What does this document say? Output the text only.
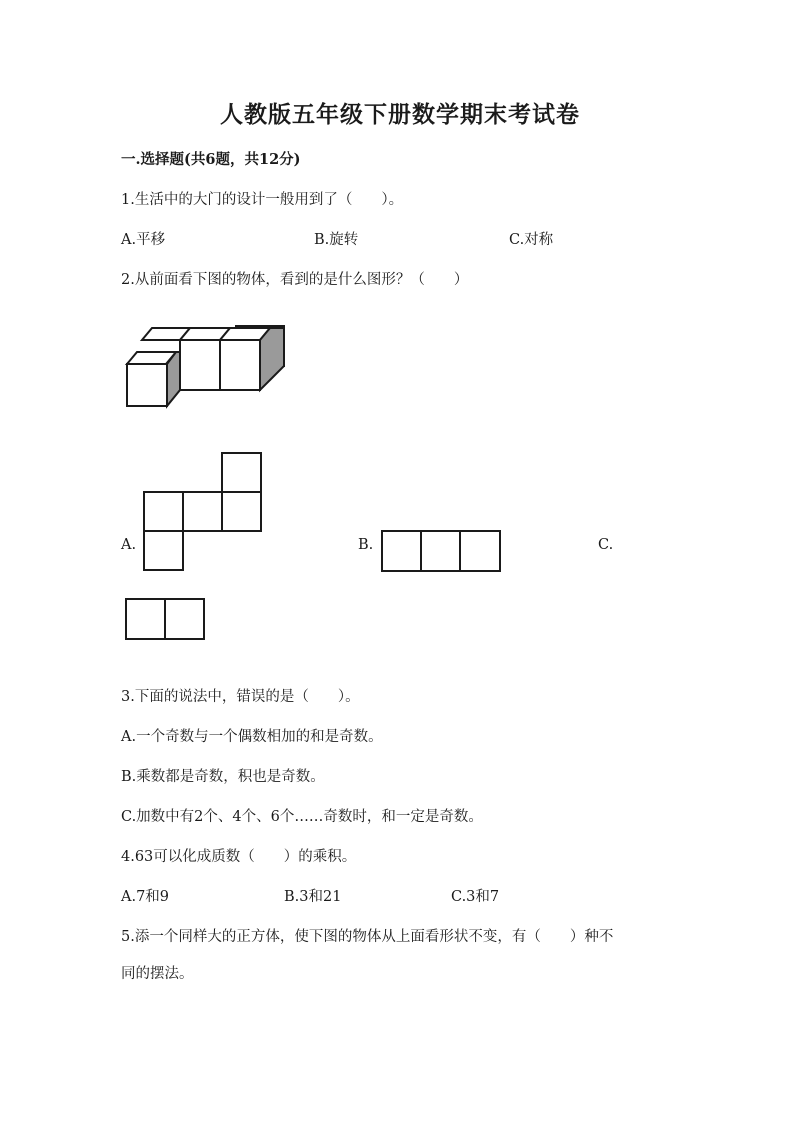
人教版五年级下册数学期末考试卷
一.选择题(共6题，共12分)
1.生活中的大门的设计一般用到了（　　）。
A.平移	B.旋转	C.对称
2.从前面看下图的物体，看到的是什么图形？（　　）
A.	B.	C.
3.下面的说法中，错误的是（　　）。
A.一个奇数与一个偶数相加的和是奇数。
B.乘数都是奇数，积也是奇数。
C.加数中有2个、4个、6个……奇数时，和一定是奇数。
4.63可以化成质数（　　）的乘积。
A.7和9	B.3和21	C.3和7
5.添一个同样大的正方体，使下图的物体从上面看形状不变，有（　　）种不
同的摆法。
